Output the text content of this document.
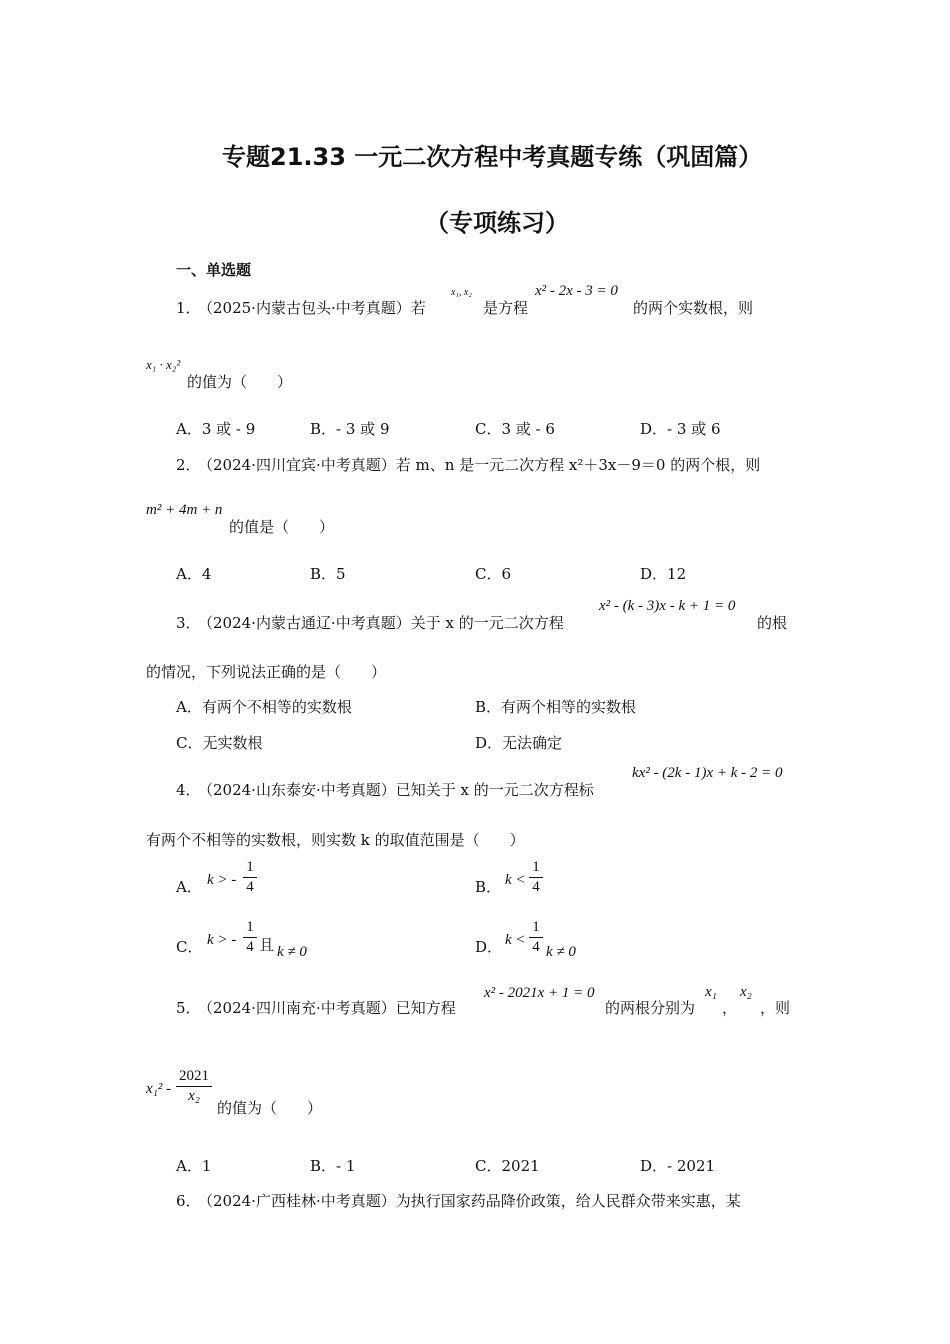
专题21.33 一元二次方程中考真题专练（巩固篇）
（专项练习）
一、单选题
1．
（2025·内蒙古包头·中考真题）若
x₁, x₂
是方程
x² - 2x - 3 = 0
的两个实数根，则
x₁ · x₂²
的值为（　　）
A．3 或 - 9	B．- 3 或 9	C．3 或 - 6	D．- 3 或 6
2．
（2024·四川宜宾·中考真题）若 m、n 是一元二次方程 x²＋3x－9＝0 的两个根，则
m² + 4m + n
的值是（　　）
A．4	B．5	C．6	D．12
3．
（2024·内蒙古通辽·中考真题）关于 x 的一元二次方程
x² - (k - 3)x - k + 1 = 0
的根
的情况，下列说法正确的是（　　）
A．有两个不相等的实数根	B．有两个相等的实数根
C．无实数根	D．无法确定
4．
（2024·山东泰安·中考真题）已知关于 x 的一元二次方程标
kx² - (2k - 1)x + k - 2 = 0
有两个不相等的实数根，则实数 k 的取值范围是（　　）
A． k > -
1
4	B． k <
1
4
C． k > -
1
4 且 k ≠ 0	D． k <
1
4 k ≠ 0
5．
（2024·四川南充·中考真题）已知方程
x² - 2021x + 1 = 0
的两根分别为
x₁
，
x₂
，则
x₁² -
2021
x₂
的值为（　　）
A．1	B．- 1	C．2021	D．- 2021
6．
（2024·广西桂林·中考真题）为执行国家药品降价政策，给人民群众带来实惠，某
